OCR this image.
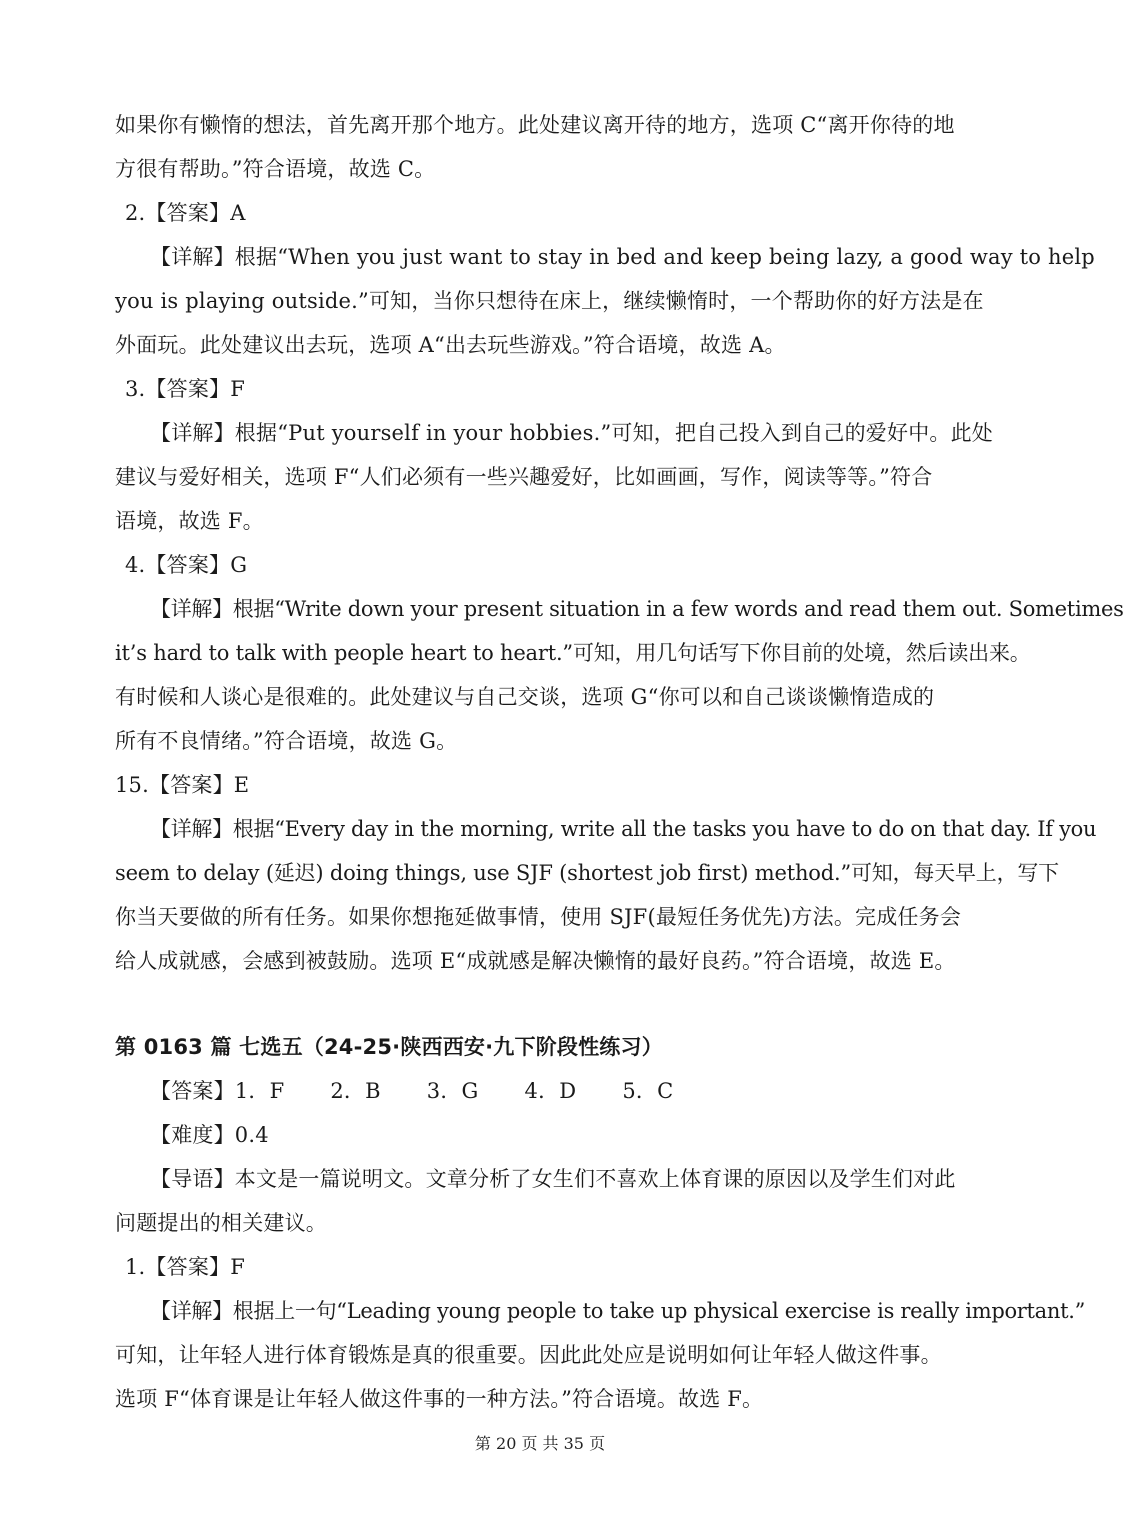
如果你有懒惰的想法，首先离开那个地方。此处建议离开待的地方，选项 C“离开你待的地
方很有帮助。”符合语境，故选 C。
2.【答案】A
【详解】根据“When you just want to stay in bed and keep being lazy, a good way to help
you is playing outside.”可知，当你只想待在床上，继续懒惰时，一个帮助你的好方法是在
外面玩。此处建议出去玩，选项 A“出去玩些游戏。”符合语境，故选 A。
3.【答案】F
【详解】根据“Put yourself in your hobbies.”可知，把自己投入到自己的爱好中。此处
建议与爱好相关，选项 F“人们必须有一些兴趣爱好，比如画画，写作，阅读等等。”符合
语境，故选 F。
4.【答案】G
【详解】根据“Write down your present situation in a few words and read them out. Sometimes
it’s hard to talk with people heart to heart.”可知，用几句话写下你目前的处境，然后读出来。
有时候和人谈心是很难的。此处建议与自己交谈，选项 G“你可以和自己谈谈懒惰造成的
所有不良情绪。”符合语境，故选 G。
15.【答案】E
【详解】根据“Every day in the morning, write all the tasks you have to do on that day. If you
seem to delay (延迟) doing things, use SJF (shortest job first) method.”可知，每天早上，写下
你当天要做的所有任务。如果你想拖延做事情，使用 SJF(最短任务优先)方法。完成任务会
给人成就感，会感到被鼓励。选项 E“成就感是解决懒惰的最好良药。”符合语境，故选 E。
第 0163 篇 七选五（24-25·陕西西安·九下阶段性练习）
【答案】1．F 2．B 3．G 4．D 5．C
【难度】0.4
【导语】本文是一篇说明文。文章分析了女生们不喜欢上体育课的原因以及学生们对此
问题提出的相关建议。
1.【答案】F
【详解】根据上一句“Leading young people to take up physical exercise is really important.”
可知，让年轻人进行体育锻炼是真的很重要。因此此处应是说明如何让年轻人做这件事。
选项 F“体育课是让年轻人做这件事的一种方法。”符合语境。故选 F。
第 20 页 共 35 页
